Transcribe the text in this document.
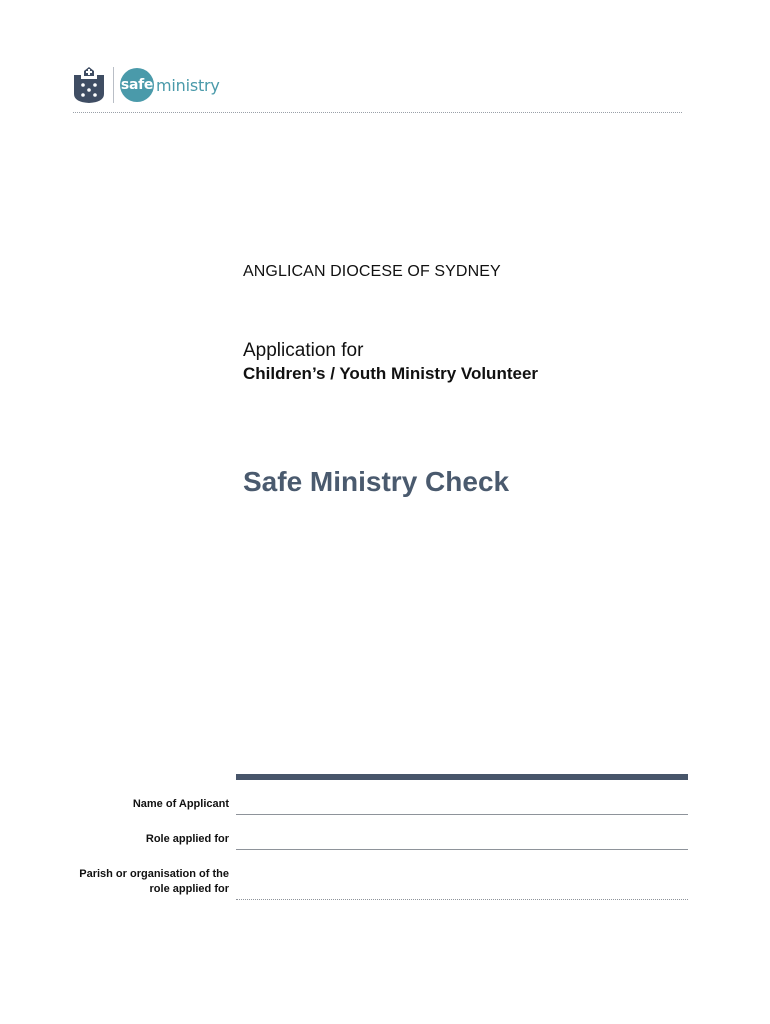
safe ministry
ANGLICAN DIOCESE OF SYDNEY
Application for
Children’s / Youth Ministry Volunteer
Safe Ministry Check
Name of Applicant
Role applied for
Parish or organisation of the
role applied for
